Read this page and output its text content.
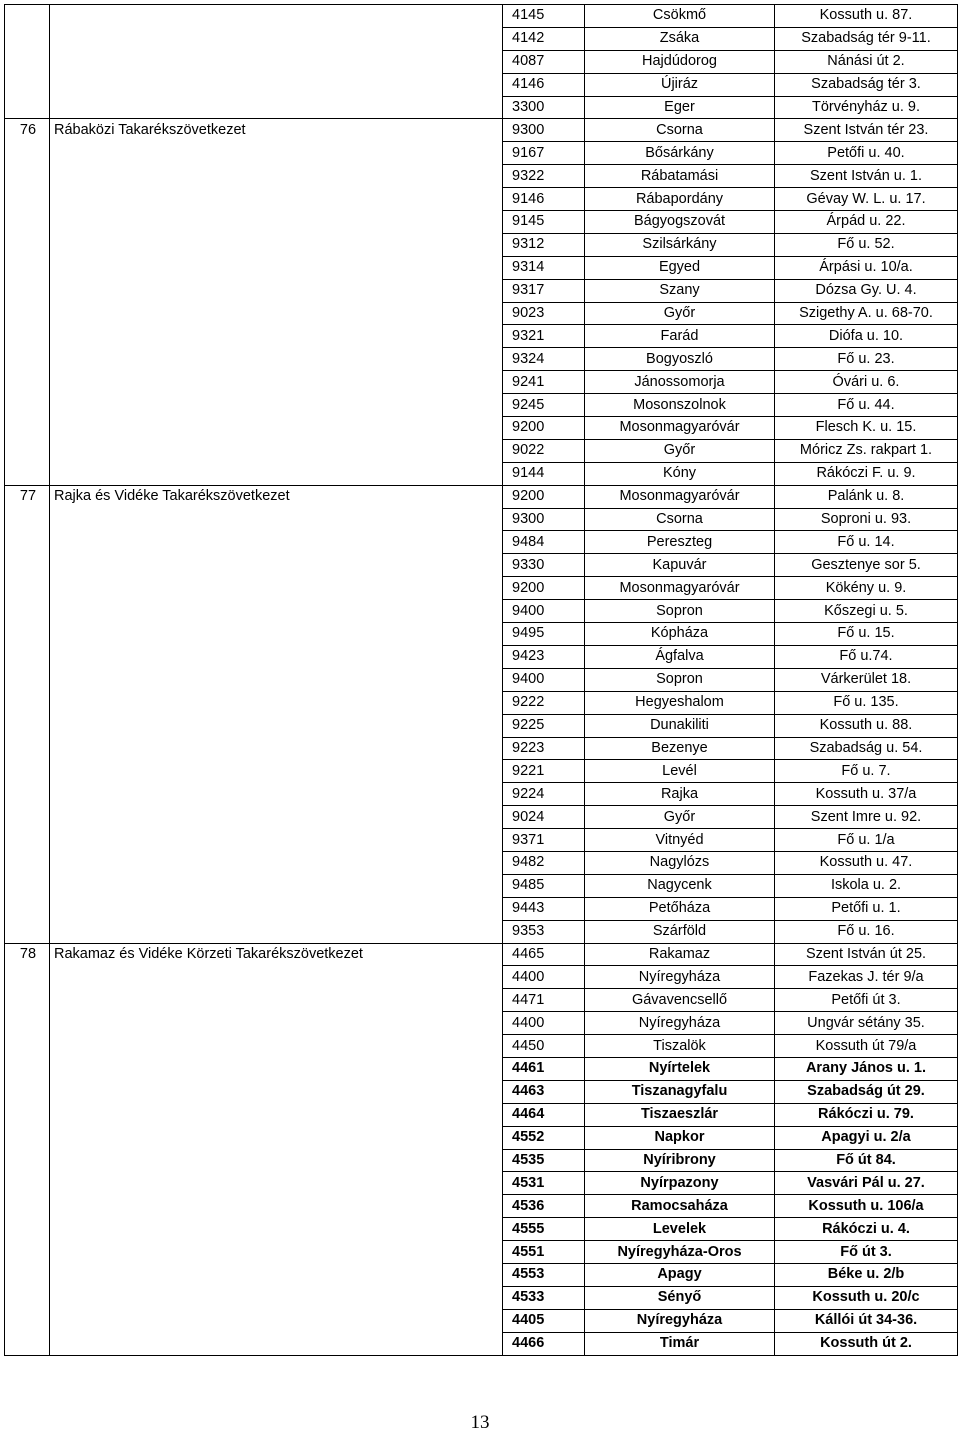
		4145	Csökmő	Kossuth u. 87.
		4142	Zsáka	Szabadság tér 9-11.
		4087	Hajdúdorog	Nánási út 2.
		4146	Újiráz	Szabadság tér 3.
		3300	Eger	Törvényház u. 9.
76	Rábaközi Takarékszövetkezet	9300	Csorna	Szent István tér 23.
		9167	Bősárkány	Petőfi u. 40.
		9322	Rábatamási	Szent István u. 1.
		9146	Rábapordány	Gévay W. L. u. 17.
		9145	Bágyogszovát	Árpád u. 22.
		9312	Szilsárkány	Fő u. 52.
		9314	Egyed	Árpási u. 10/a.
		9317	Szany	Dózsa Gy. U. 4.
		9023	Győr	Szigethy A. u. 68-70.
		9321	Farád	Diófa u. 10.
		9324	Bogyoszló	Fő u. 23.
		9241	Jánossomorja	Óvári u. 6.
		9245	Mosonszolnok	Fő u. 44.
		9200	Mosonmagyaróvár	Flesch K. u. 15.
		9022	Győr	Móricz Zs. rakpart 1.
		9144	Kóny	Rákóczi F. u. 9.
77	Rajka és Vidéke Takarékszövetkezet	9200	Mosonmagyaróvár	Palánk u. 8.
		9300	Csorna	Soproni u. 93.
		9484	Pereszteg	Fő u. 14.
		9330	Kapuvár	Gesztenye sor 5.
		9200	Mosonmagyaróvár	Kökény u. 9.
		9400	Sopron	Kőszegi u. 5.
		9495	Kópháza	Fő u. 15.
		9423	Ágfalva	Fő u.74.
		9400	Sopron	Várkerület 18.
		9222	Hegyeshalom	Fő u. 135.
		9225	Dunakiliti	Kossuth u. 88.
		9223	Bezenye	Szabadság u. 54.
		9221	Levél	Fő u. 7.
		9224	Rajka	Kossuth u. 37/a
		9024	Győr	Szent Imre u. 92.
		9371	Vitnyéd	Fő u. 1/a
		9482	Nagylózs	Kossuth u. 47.
		9485	Nagycenk	Iskola u. 2.
		9443	Petőháza	Petőfi u. 1.
		9353	Szárföld	Fő u. 16.
78	Rakamaz és Vidéke Körzeti Takarékszövetkezet	4465	Rakamaz	Szent István út 25.
		4400	Nyíregyháza	Fazekas J. tér 9/a
		4471	Gávavencsellő	Petőfi út 3.
		4400	Nyíregyháza	Ungvár sétány 35.
		4450	Tiszalök	Kossuth út 79/a
		4461	Nyírtelek	Arany János u. 1.
		4463	Tiszanagyfalu	Szabadság út 29.
		4464	Tiszaeszlár	Rákóczi u. 79.
		4552	Napkor	Apagyi u. 2/a
		4535	Nyíribrony	Fő út 84.
		4531	Nyírpazony	Vasvári Pál u. 27.
		4536	Ramocsaháza	Kossuth u. 106/a
		4555	Levelek	Rákóczi u. 4.
		4551	Nyíregyháza-Oros	Fő út 3.
		4553	Apagy	Béke u. 2/b
		4533	Sényő	Kossuth u. 20/c
		4405	Nyíregyháza	Kállói út 34-36.
		4466	Timár	Kossuth út 2.
13
